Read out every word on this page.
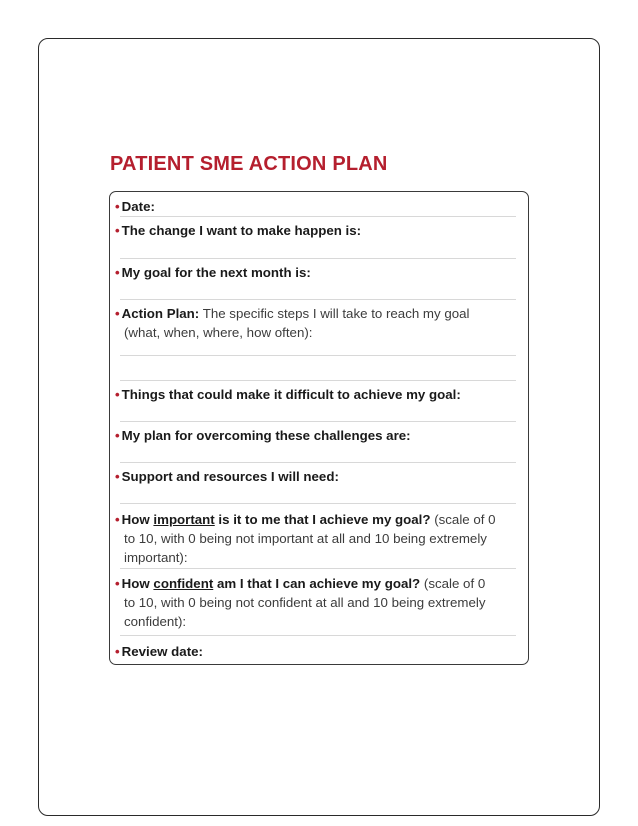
PATIENT SME ACTION PLAN
• Date:
• The change I want to make happen is:
• My goal for the next month is:
• Action Plan: The specific steps I will take to reach my goal
(what, when, where, how often):
• Things that could make it difficult to achieve my goal:
• My plan for overcoming these challenges are:
• Support and resources I will need:
• How important is it to me that I achieve my goal? (scale of 0
to 10, with 0 being not important at all and 10 being extremely
important):
• How confident am I that I can achieve my goal? (scale of 0
to 10, with 0 being not confident at all and 10 being extremely
confident):
• Review date:
